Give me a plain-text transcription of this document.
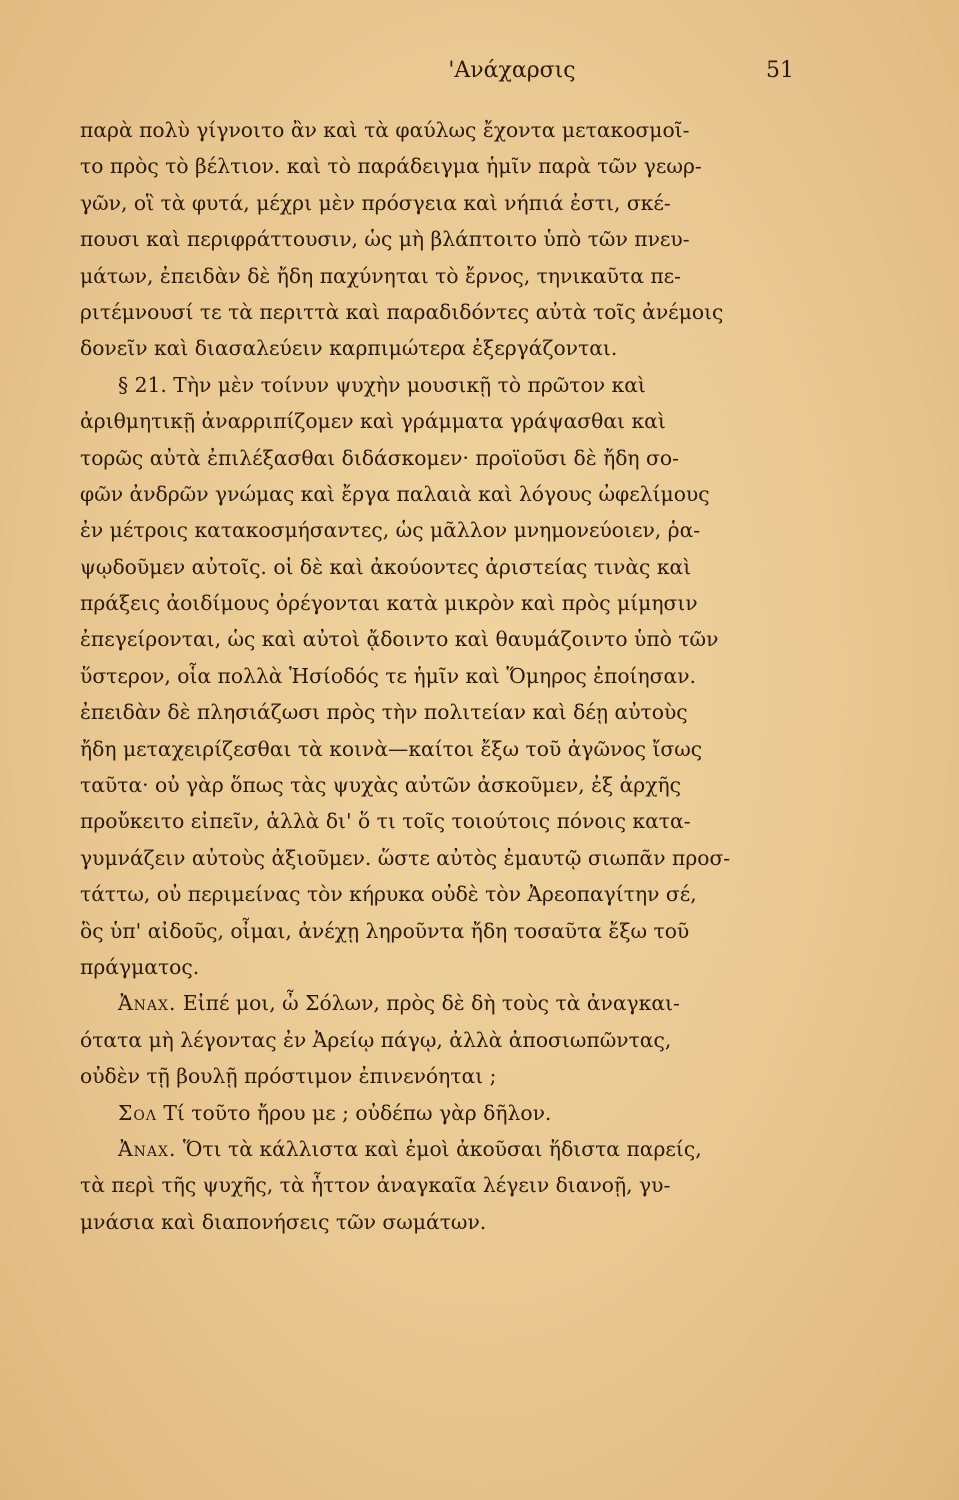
'Ανάχαρσις	51
παρὰ πολὺ γίγνοιτο ἂν καὶ τὰ φαύλως ἔχοντα μετακοσμοῖ-
το πρὸς τὸ βέλτιον. καὶ τὸ παράδειγμα ἡμῖν παρὰ τῶν γεωρ-
γῶν, οἳ τὰ φυτά, μέχρι μὲν πρόσγεια καὶ νήπιά ἐστι, σκέ-
πουσι καὶ περιφράττουσιν, ὡς μὴ βλάπτοιτο ὑπὸ τῶν πνευ-
μάτων, ἐπειδὰν δὲ ἤδη παχύνηται τὸ ἔρνος, τηνικαῦτα πε-
ριτέμνουσί τε τὰ περιττὰ καὶ παραδιδόντες αὐτὰ τοῖς ἀνέμοις
δονεῖν καὶ διασαλεύειν καρπιμώτερα ἐξεργάζονται.
§ 21. Τὴν μὲν τοίνυν ψυχὴν μουσικῇ τὸ πρῶτον καὶ
ἀριθμητικῇ ἀναρριπίζομεν καὶ γράμματα γράψασθαι καὶ
τορῶς αὐτὰ ἐπιλέξασθαι διδάσκομεν· προϊοῦσι δὲ ἤδη σο-
φῶν ἀνδρῶν γνώμας καὶ ἔργα παλαιὰ καὶ λόγους ὠφελίμους
ἐν μέτροις κατακοσμήσαντες, ὡς μᾶλλον μνημονεύοιεν, ῥα-
ψῳδοῦμεν αὐτοῖς. οἱ δὲ καὶ ἀκούοντες ἀριστείας τινὰς καὶ
πράξεις ἀοιδίμους ὀρέγονται κατὰ μικρὸν καὶ πρὸς μίμησιν
ἐπεγείρονται, ὡς καὶ αὐτοὶ ᾄδοιντο καὶ θαυμάζοιντο ὑπὸ τῶν
ὕστερον, οἷα πολλὰ Ἡσίοδός τε ἡμῖν καὶ Ὅμηρος ἐποίησαν.
ἐπειδὰν δὲ πλησιάζωσι πρὸς τὴν πολιτείαν καὶ δέῃ αὐτοὺς
ἤδη μεταχειρίζεσθαι τὰ κοινὰ—καίτοι ἔξω τοῦ ἀγῶνος ἴσως
ταῦτα· οὐ γὰρ ὅπως τὰς ψυχὰς αὐτῶν ἀσκοῦμεν, ἐξ ἀρχῆς
προὔκειτο εἰπεῖν, ἀλλὰ δι' ὅ τι τοῖς τοιούτοις πόνοις κατα-
γυμνάζειν αὐτοὺς ἀξιοῦμεν. ὥστε αὐτὸς ἐμαυτῷ σιωπᾶν προσ-
τάττω, οὐ περιμείνας τὸν κήρυκα οὐδὲ τὸν Ἀρεοπαγίτην σέ,
ὃς ὑπ' αἰδοῦς, οἶμαι, ἀνέχῃ ληροῦντα ἤδη τοσαῦτα ἔξω τοῦ
πράγματος.
Ἀναχ. Εἰπέ μοι, ὦ Σόλων, πρὸς δὲ δὴ τοὺς τὰ ἀναγκαι-
ότατα μὴ λέγοντας ἐν Ἀρείῳ πάγῳ, ἀλλὰ ἀποσιωπῶντας,
οὐδὲν τῇ βουλῇ πρόστιμον ἐπινενόηται ;
Σολ Τί τοῦτο ἤρου με ; οὐδέπω γὰρ δῆλον.
Ἀναχ. Ὅτι τὰ κάλλιστα καὶ ἐμοὶ ἀκοῦσαι ἥδιστα παρείς,
τὰ περὶ τῆς ψυχῆς, τὰ ἧττον ἀναγκαῖα λέγειν διανοῇ, γυ-
μνάσια καὶ διαπονήσεις τῶν σωμάτων.
